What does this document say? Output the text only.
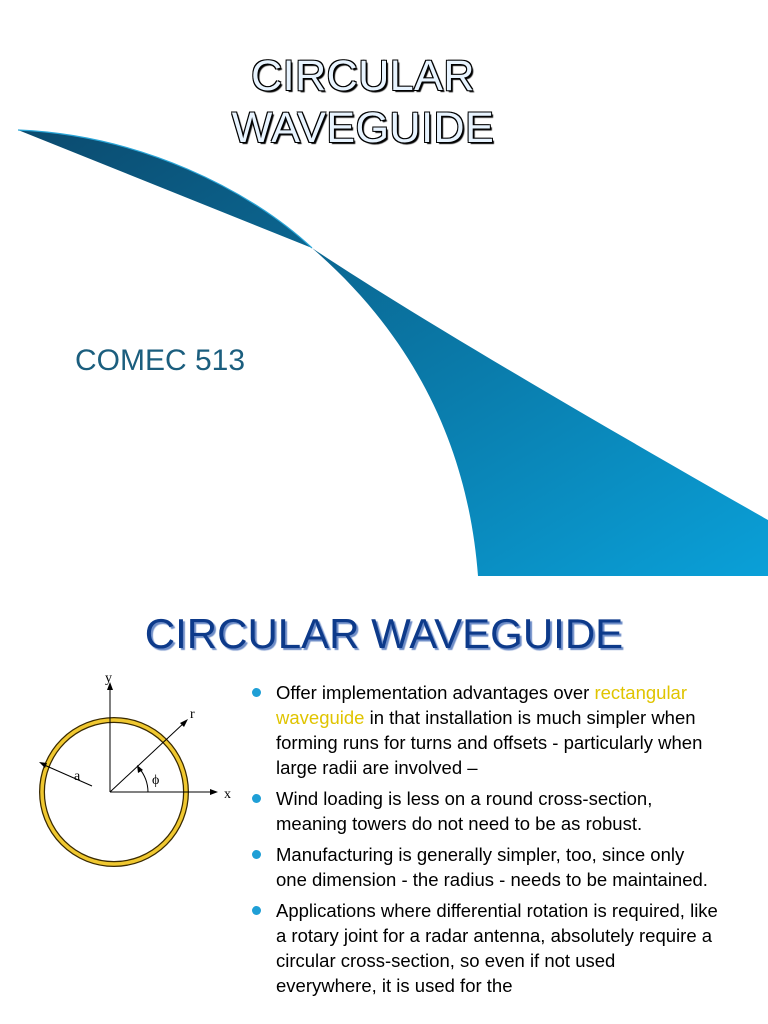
CIRCULAR
WAVEGUIDE
COMEC 513
CIRCULAR WAVEGUIDE
y
r
a	ϕ
x
Offer implementation advantages over rectangular waveguide in that installation is much simpler when forming runs for turns and offsets - particularly when large radii are involved –
Wind loading is less on a round cross-section, meaning towers do not need to be as robust.
Manufacturing is generally simpler, too, since only one dimension - the radius - needs to be maintained.
Applications where differential rotation is required, like a rotary joint for a radar antenna, absolutely require a circular cross-section, so even if not used everywhere, it is used for the
